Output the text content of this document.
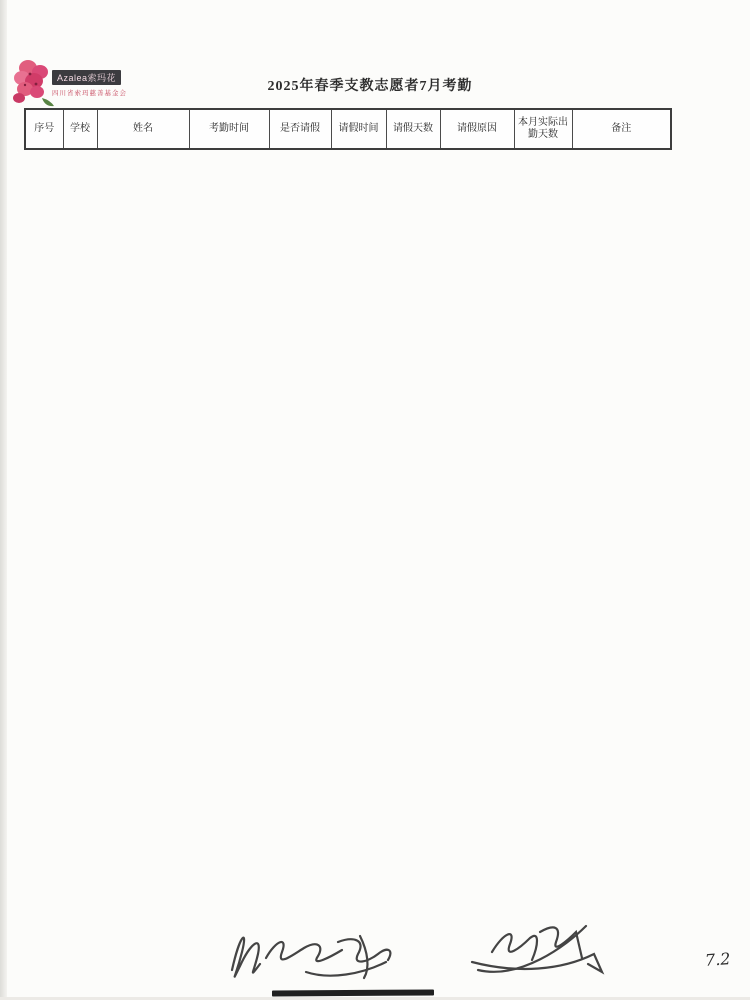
Azalea索玛花
四川省索玛慈善基金会	2025年春季支教志愿者7月考勤
序号	学校	姓名	考勤时间	是否请假	请假时间	请假天数	请假原因	本月实际出勤天数	备注
7.2
